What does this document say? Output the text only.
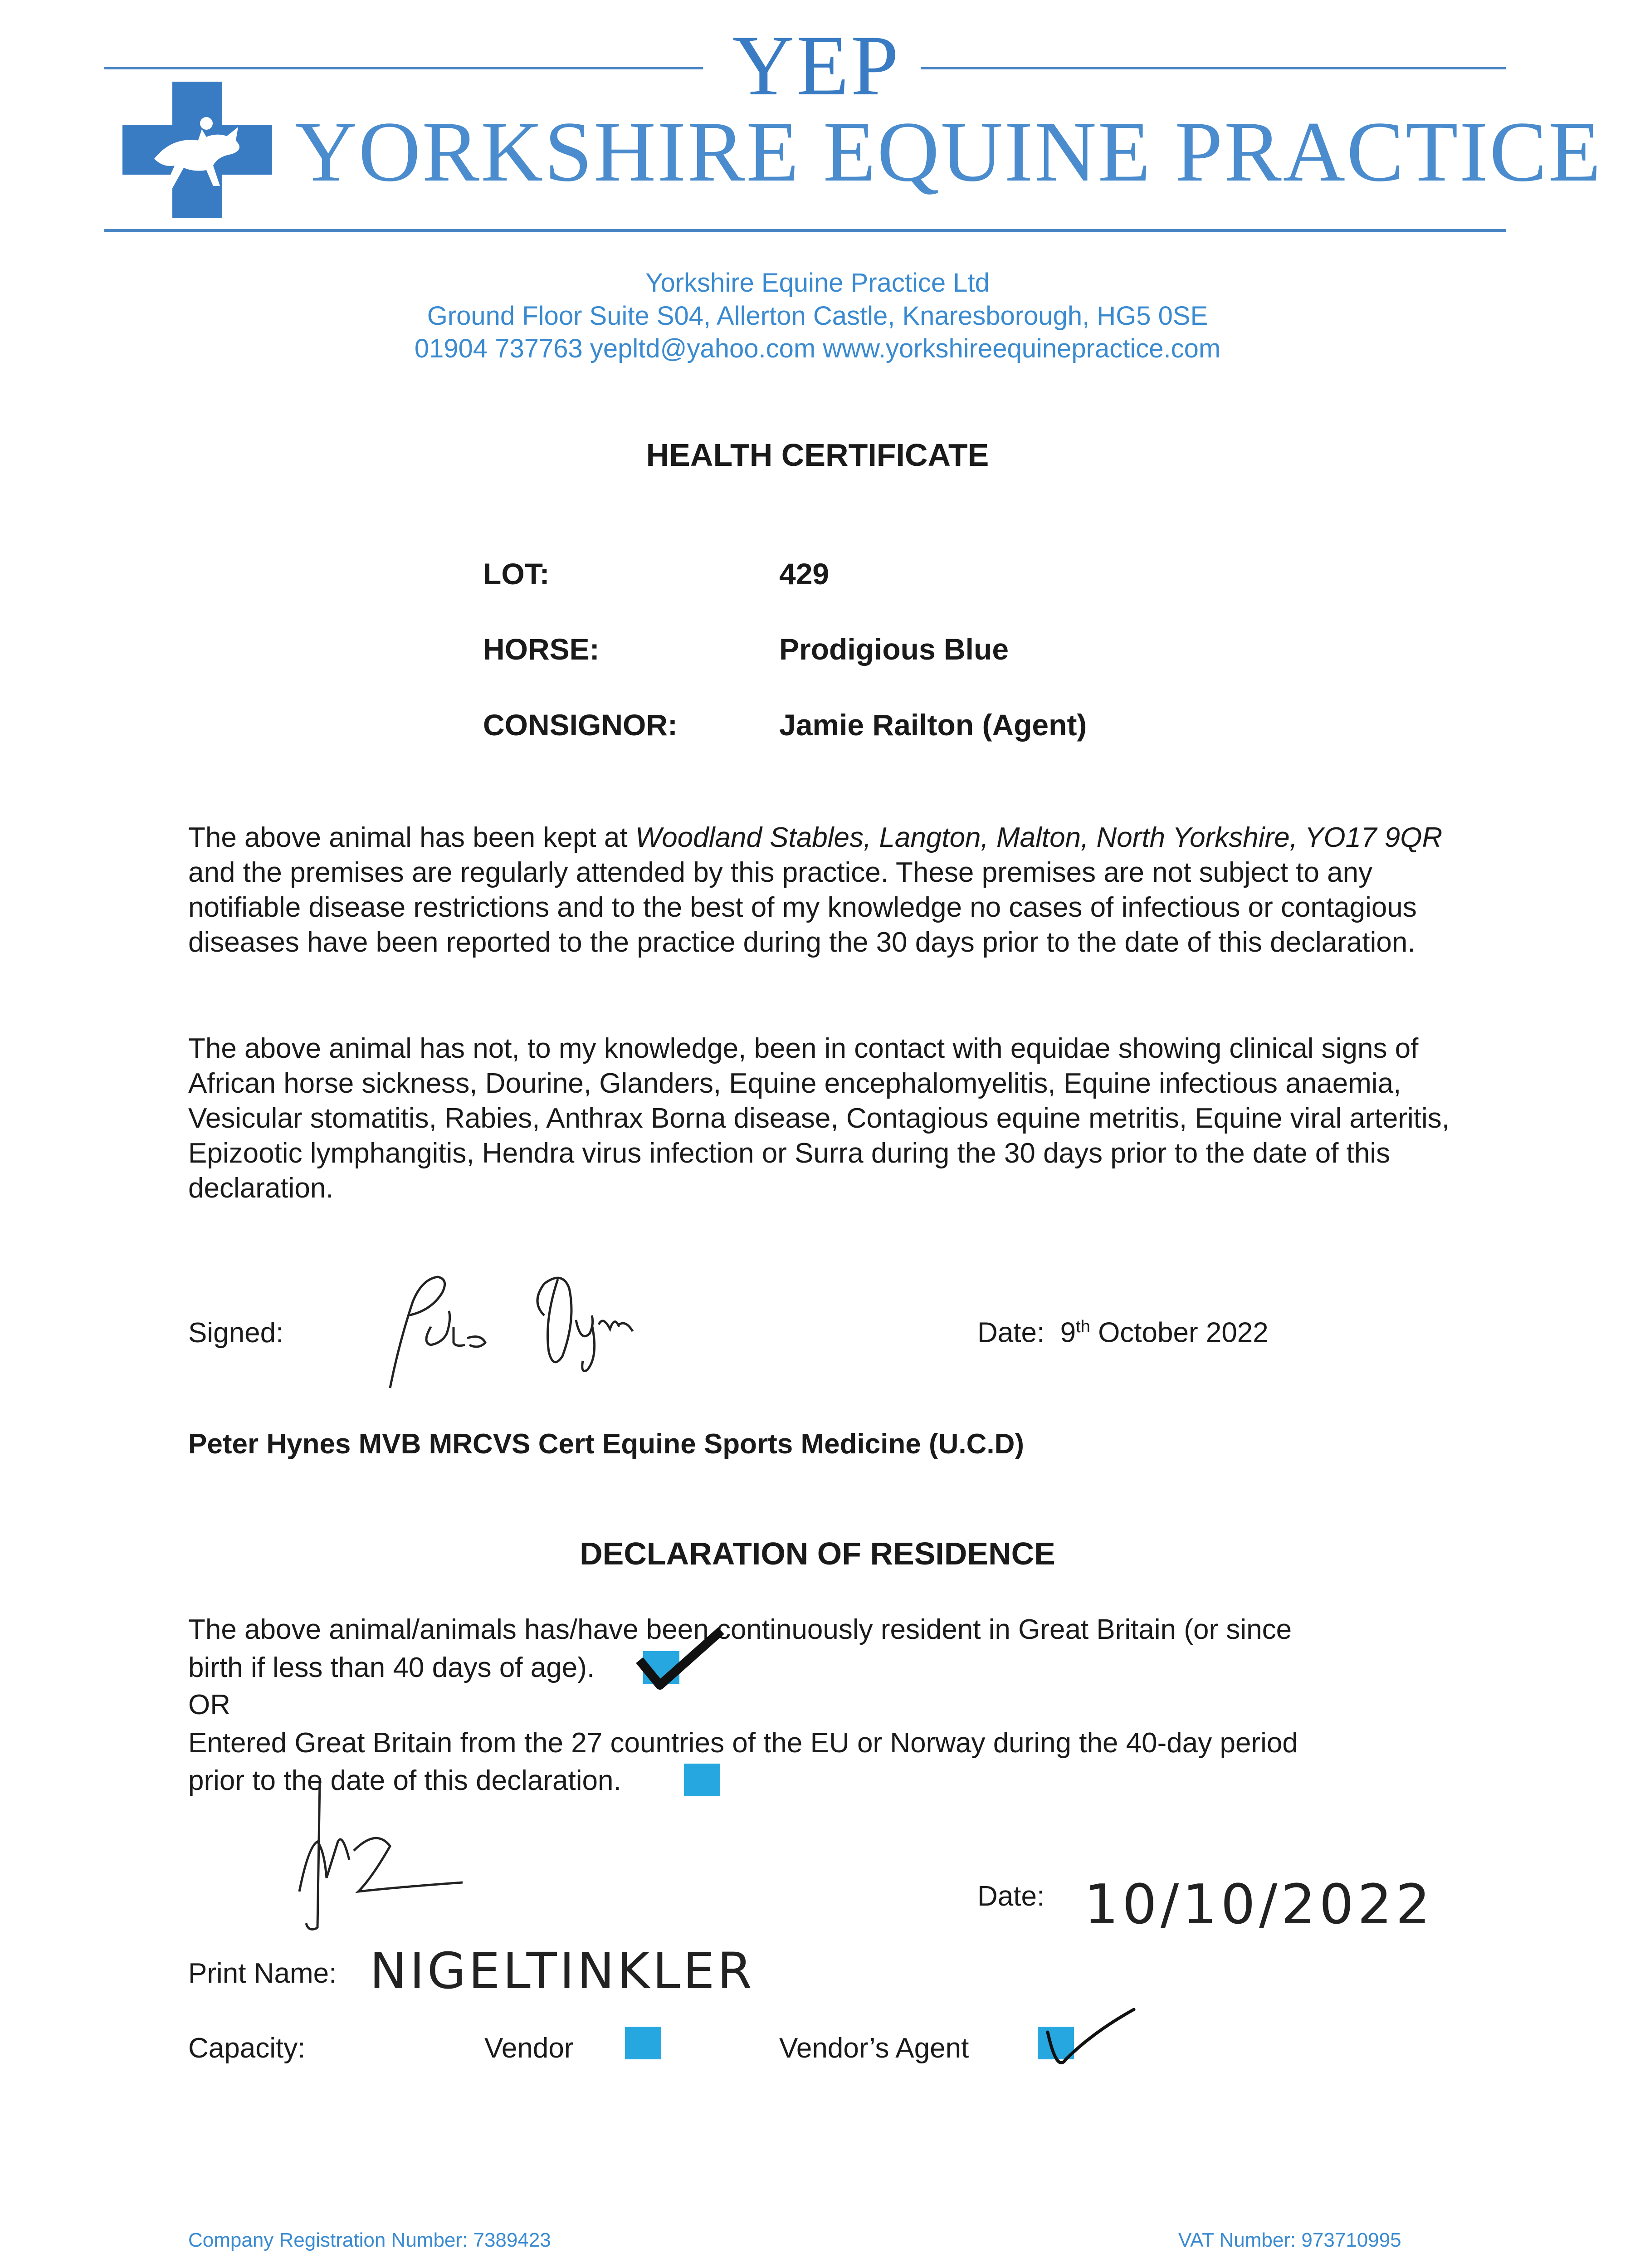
YEP
YORKSHIRE EQUINE PRACTICE
Yorkshire Equine Practice Ltd
Ground Floor Suite S04, Allerton Castle, Knaresborough, HG5 0SE
01904 737763 yepltd@yahoo.com www.yorkshireequinepractice.com
HEALTH CERTIFICATE
LOT:	429
HORSE:	Prodigious Blue
CONSIGNOR:	Jamie Railton (Agent)

The above animal has been kept at Woodland Stables, Langton, Malton, North Yorkshire, YO17 9QR and the premises are regularly attended by this practice. These premises are not subject to any notifiable disease restrictions and to the best of my knowledge no cases of infectious or contagious diseases have been reported to the practice during the 30 days prior to the date of this declaration.

The above animal has not, to my knowledge, been in contact with equidae showing clinical signs of African horse sickness, Dourine, Glanders, Equine encephalomyelitis, Equine infectious anaemia, Vesicular stomatitis, Rabies, Anthrax Borna disease, Contagious equine metritis, Equine viral arteritis, Epizootic lymphangitis, Hendra virus infection or Surra during the 30 days prior to the date of this declaration.

Signed:	Date: 9th October 2022
Peter Hynes MVB MRCVS Cert Equine Sports Medicine (U.C.D)
DECLARATION OF RESIDENCE
The above animal/animals has/have been continuously resident in Great Britain (or since
birth if less than 40 days of age).
OR
Entered Great Britain from the 27 countries of the EU or Norway during the 40-day period
prior to the date of this declaration.
Date: 10/10/2022
Print Name: NIGELTINKLER
Capacity:	Vendor	Vendor’s Agent
Company Registration Number: 7389423	VAT Number: 973710995
